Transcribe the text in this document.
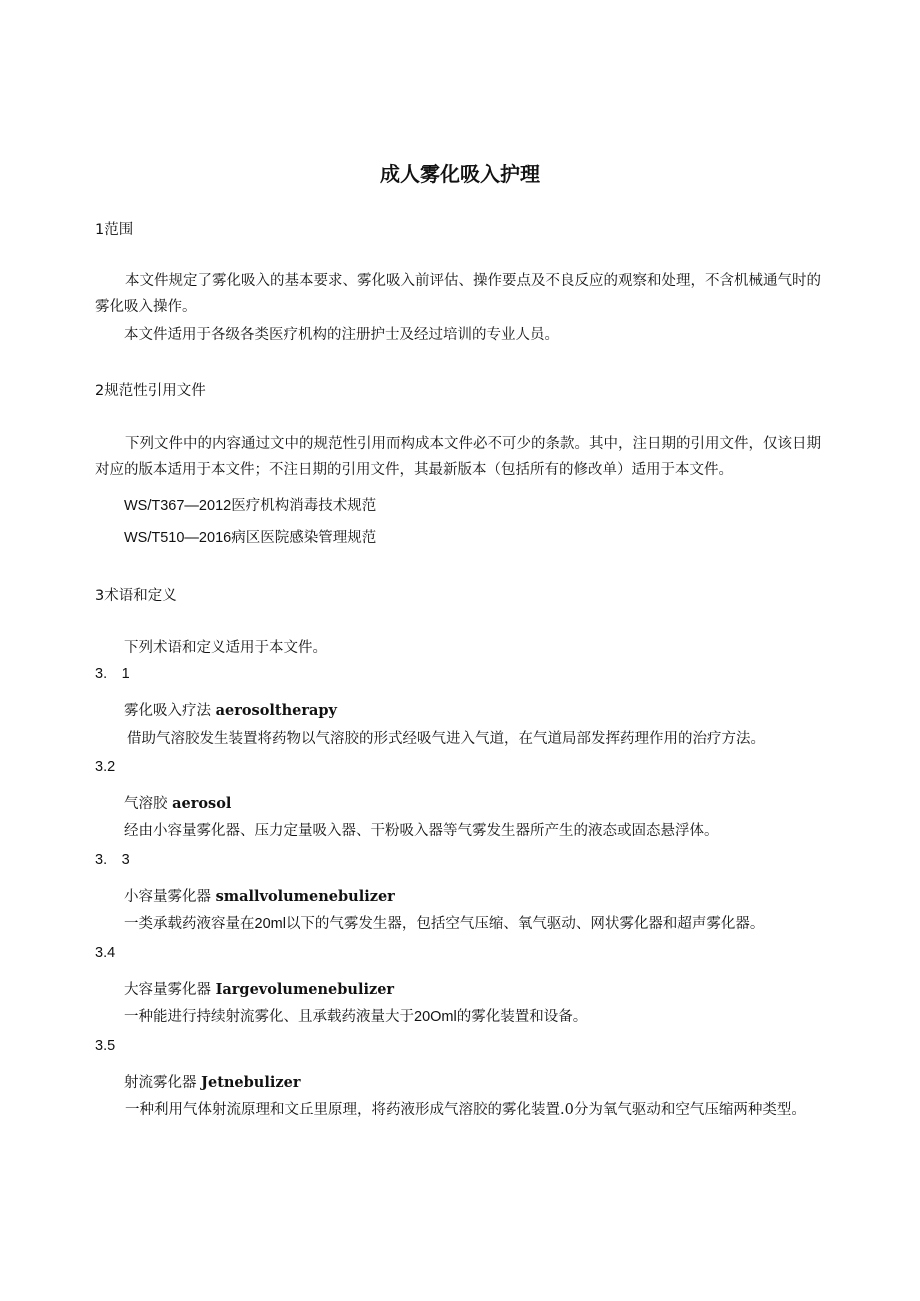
成人雾化吸入护理
1范围
本文件规定了雾化吸入的基本要求、雾化吸入前评估、操作要点及不良反应的观察和处理，不含机械通气时的雾化吸入操作。
本文件适用于各级各类医疗机构的注册护士及经过培训的专业人员。
2规范性引用文件
下列文件中的内容通过文中的规范性引用而构成本文件必不可少的条款。其中，注日期的引用文件，仅该日期对应的版本适用于本文件；不注日期的引用文件，其最新版本（包括所有的修改单）适用于本文件。
WS/T367—2012医疗机构消毒技术规范
WS/T510—2016病区医院感染管理规范
3术语和定义
下列术语和定义适用于本文件。
3.　1
雾化吸入疗法 aerosoltherapy
借助气溶胶发生装置将药物以气溶胶的形式经吸气进入气道，在气道局部发挥药理作用的治疗方法。
3.2
气溶胶 aerosol
经由小容量雾化器、压力定量吸入器、干粉吸入器等气雾发生器所产生的液态或固态悬浮体。
3.　3
小容量雾化器 smallvolumenebulizer
一类承载药液容量在20ml以下的气雾发生器，包括空气压缩、氧气驱动、网状雾化器和超声雾化器。
3.4
大容量雾化器 Iargevolumenebulizer
一种能进行持续射流雾化、且承载药液量大于20Oml的雾化装置和设备。
3.5
射流雾化器 Jetnebulizer
一种利用气体射流原理和文丘里原理，将药液形成气溶胶的雾化装置.0分为氧气驱动和空气压缩两种类型。
